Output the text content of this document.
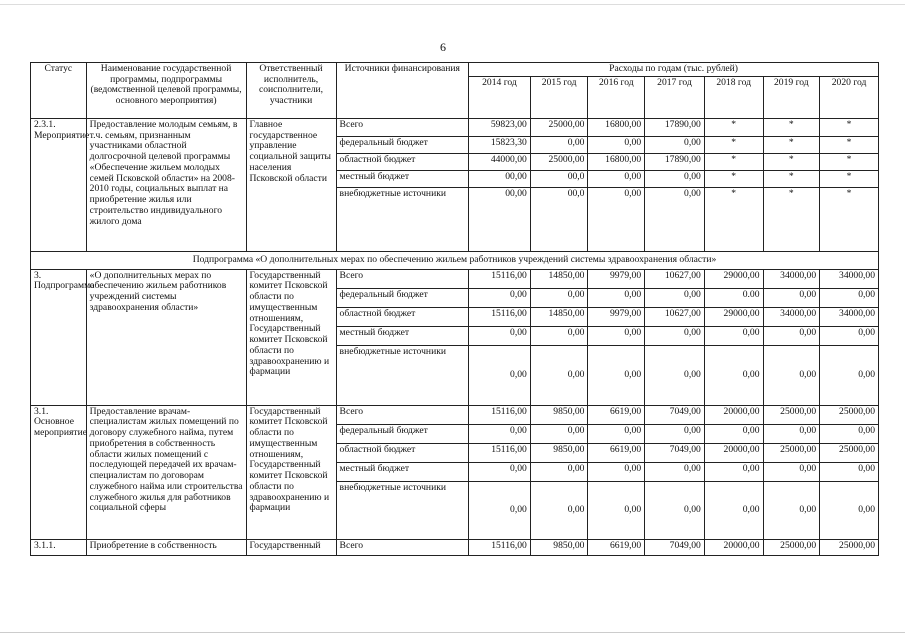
6
Статус	Наименование государственной программы, подпрограммы (ведомственной целевой программы, основного мероприятия)	Ответственный исполнитель, соисполнители, участники	Источники финансирования	Расходы по годам (тыс. рублей)						
				2014 год	2015 год	2016 год	2017 год	2018 год	2019 год	2020 год
2.3.1. Мероприятие	Предоставление молодым семьям, в т.ч. семьям, признанным участниками областной долгосрочной целевой программы «Обеспечение жильем молодых семей Псковской области» на 2008-2010 годы, социальных выплат на приобретение жилья или строительство индивидуального жилого дома	Главное государственное управление социальной защиты населения Псковской области	Всего	59823,00	25000,00	16800,00	17890,00	*	*	*
			федеральный бюджет	15823,30	0,00	0,00	0,00	*	*	*
			областной бюджет	44000,00	25000,00	16800,00	17890,00	*	*	*
			местный бюджет	00,00	00,0	0,00	0,00	*	*	*
			внебюджетные источники	00,00	00,0	0,00	0,00	*	*	*
Подпрограмма «О дополнительных мерах по обеспечению жильем работников учреждений системы здравоохранения области»										
3. Подпрограмма	«О дополнительных мерах по обеспечению жильем работников учреждений системы здравоохранения области»	Государственный комитет Псковской области по имущественным отношениям, Государственный комитет Псковской области по здравоохранению и фармации	Всего	15116,00	14850,00	9979,00	10627,00	29000,00	34000,00	34000,00
			федеральный бюджет	0,00	0,00	0,00	0,00	0.00	0,00	0,00
			областной бюджет	15116,00	14850,00	9979,00	10627,00	29000,00	34000,00	34000,00
			местный бюджет	0,00	0,00	0,00	0,00	0,00	0,00	0,00
			внебюджетные источники	0,00	0,00	0,00	0,00	0,00	0,00	0,00
3.1. Основное мероприятие	Предоставление врачам-специалистам жилых помещений по договору служебного найма, путем приобретения в собственность области жилых помещений с последующей передачей их врачам-специалистам по договорам служебного найма или строительства служебного жилья для работников социальной сферы	Государственный комитет Псковской области по имущественным отношениям, Государственный комитет Псковской области по здравоохранению и фармации	Всего	15116,00	9850,00	6619,00	7049,00	20000,00	25000,00	25000,00
			федеральный бюджет	0,00	0,00	0,00	0,00	0,00	0,00	0,00
			областной бюджет	15116,00	9850,00	6619,00	7049,00	20000,00	25000,00	25000,00
			местный бюджет	0,00	0,00	0,00	0,00	0,00	0,00	0,00
			внебюджетные источники	0,00	0,00	0,00	0,00	0,00	0,00	0,00
3.1.1.	Приобретение в собственность	Государственный	Всего	15116,00	9850,00	6619,00	7049,00	20000,00	25000,00	25000,00
